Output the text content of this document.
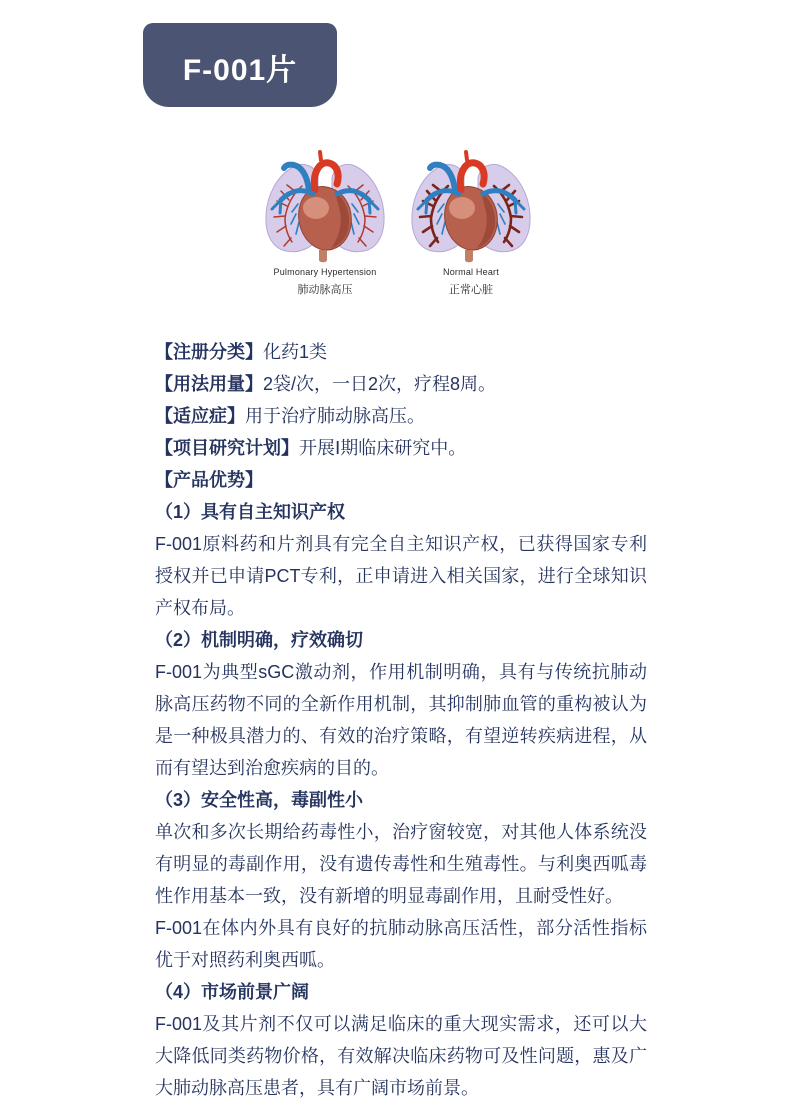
F-001片
Pulmonary Hypertension
肺动脉高压
Normal Heart
正常心脏
【注册分类】化药1类
【用法用量】2袋/次，一日2次，疗程8周。
【适应症】用于治疗肺动脉高压。
【项目研究计划】开展Ⅰ期临床研究中。
【产品优势】
（1）具有自主知识产权
F-001原料药和片剂具有完全自主知识产权，已获得国家专利授权并已申请PCT专利，正申请进入相关国家，进行全球知识产权布局。
（2）机制明确，疗效确切
F-001为典型sGC激动剂，作用机制明确，具有与传统抗肺动脉高压药物不同的全新作用机制，其抑制肺血管的重构被认为是一种极具潜力的、有效的治疗策略，有望逆转疾病进程，从而有望达到治愈疾病的目的。
（3）安全性高，毒副性小
单次和多次长期给药毒性小，治疗窗较宽，对其他人体系统没有明显的毒副作用，没有遗传毒性和生殖毒性。与利奥西呱毒性作用基本一致，没有新增的明显毒副作用，且耐受性好。
F-001在体内外具有良好的抗肺动脉高压活性，部分活性指标优于对照药利奥西呱。
（4）市场前景广阔
F-001及其片剂不仅可以满足临床的重大现实需求，还可以大大降低同类药物价格，有效解决临床药物可及性问题，惠及广大肺动脉高压患者，具有广阔市场前景。
